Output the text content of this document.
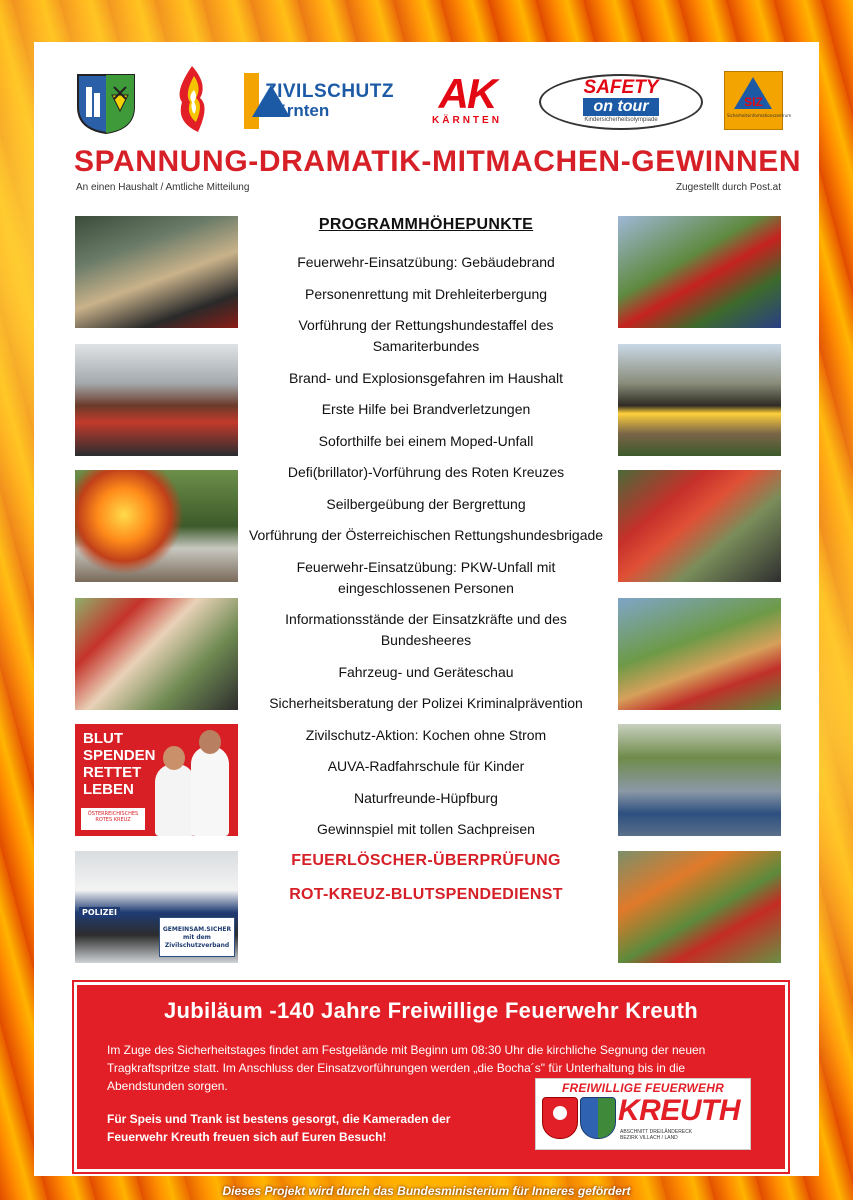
ZIVILSCHUTZ
Kärnten	AK
KÄRNTEN
SAFETY
on tour
Kindersicherheitsolympiade
SIZ
Sicherheitsinformationszentrum
SPANNUNG-DRAMATIK-MITMACHEN-GEWINNEN
An einen Haushalt / Amtliche Mitteilung	Zugestellt durch Post.at
BLUT
SPENDEN
RETTET
LEBEN
ÖSTERREICHISCHES ROTES KREUZ
POLIZEI
GEMEINSAM.SICHER
mit dem Zivilschutzverband
PROGRAMMHÖHEPUNKTE
Feuerwehr-Einsatzübung: Gebäudebrand
Personenrettung mit Drehleiterbergung
Vorführung der Rettungshundestaffel des Samariterbundes
Brand- und Explosionsgefahren im Haushalt
Erste Hilfe bei Brandverletzungen
Soforthilfe bei einem Moped-Unfall
Defi(brillator)-Vorführung des Roten Kreuzes
Seilbergeübung der Bergrettung
Vorführung der Österreichischen Rettungshundesbrigade
Feuerwehr-Einsatzübung: PKW-Unfall mit eingeschlossenen Personen
Informationsstände der Einsatzkräfte und des Bundesheeres
Fahrzeug- und Geräteschau
Sicherheitsberatung der Polizei Kriminalprävention
Zivilschutz-Aktion: Kochen ohne Strom
AUVA-Radfahrschule für Kinder
Naturfreunde-Hüpfburg
Gewinnspiel mit tollen Sachpreisen
FEUERLÖSCHER-ÜBERPRÜFUNG
ROT-KREUZ-BLUTSPENDEDIENST
Jubiläum -140 Jahre Freiwillige Feuerwehr Kreuth
Im Zuge des Sicherheitstages findet am Festgelände mit Beginn um 08:30 Uhr die kirchliche Segnung der neuen Tragkraftspritze statt. Im Anschluss der Einsatzvorführungen werden „die Bocha´s" für Unterhaltung bis in die Abendstunden sorgen.
Für Speis und Trank ist bestens gesorgt, die Kameraden der Feuerwehr Kreuth freuen sich auf Euren Besuch!
FREIWILLIGE FEUERWEHR
KREUTH
ABSCHNITT DREILÄNDERECK
BEZIRK VILLACH / LAND
Dieses Projekt wird durch das Bundesministerium für Inneres gefördert
